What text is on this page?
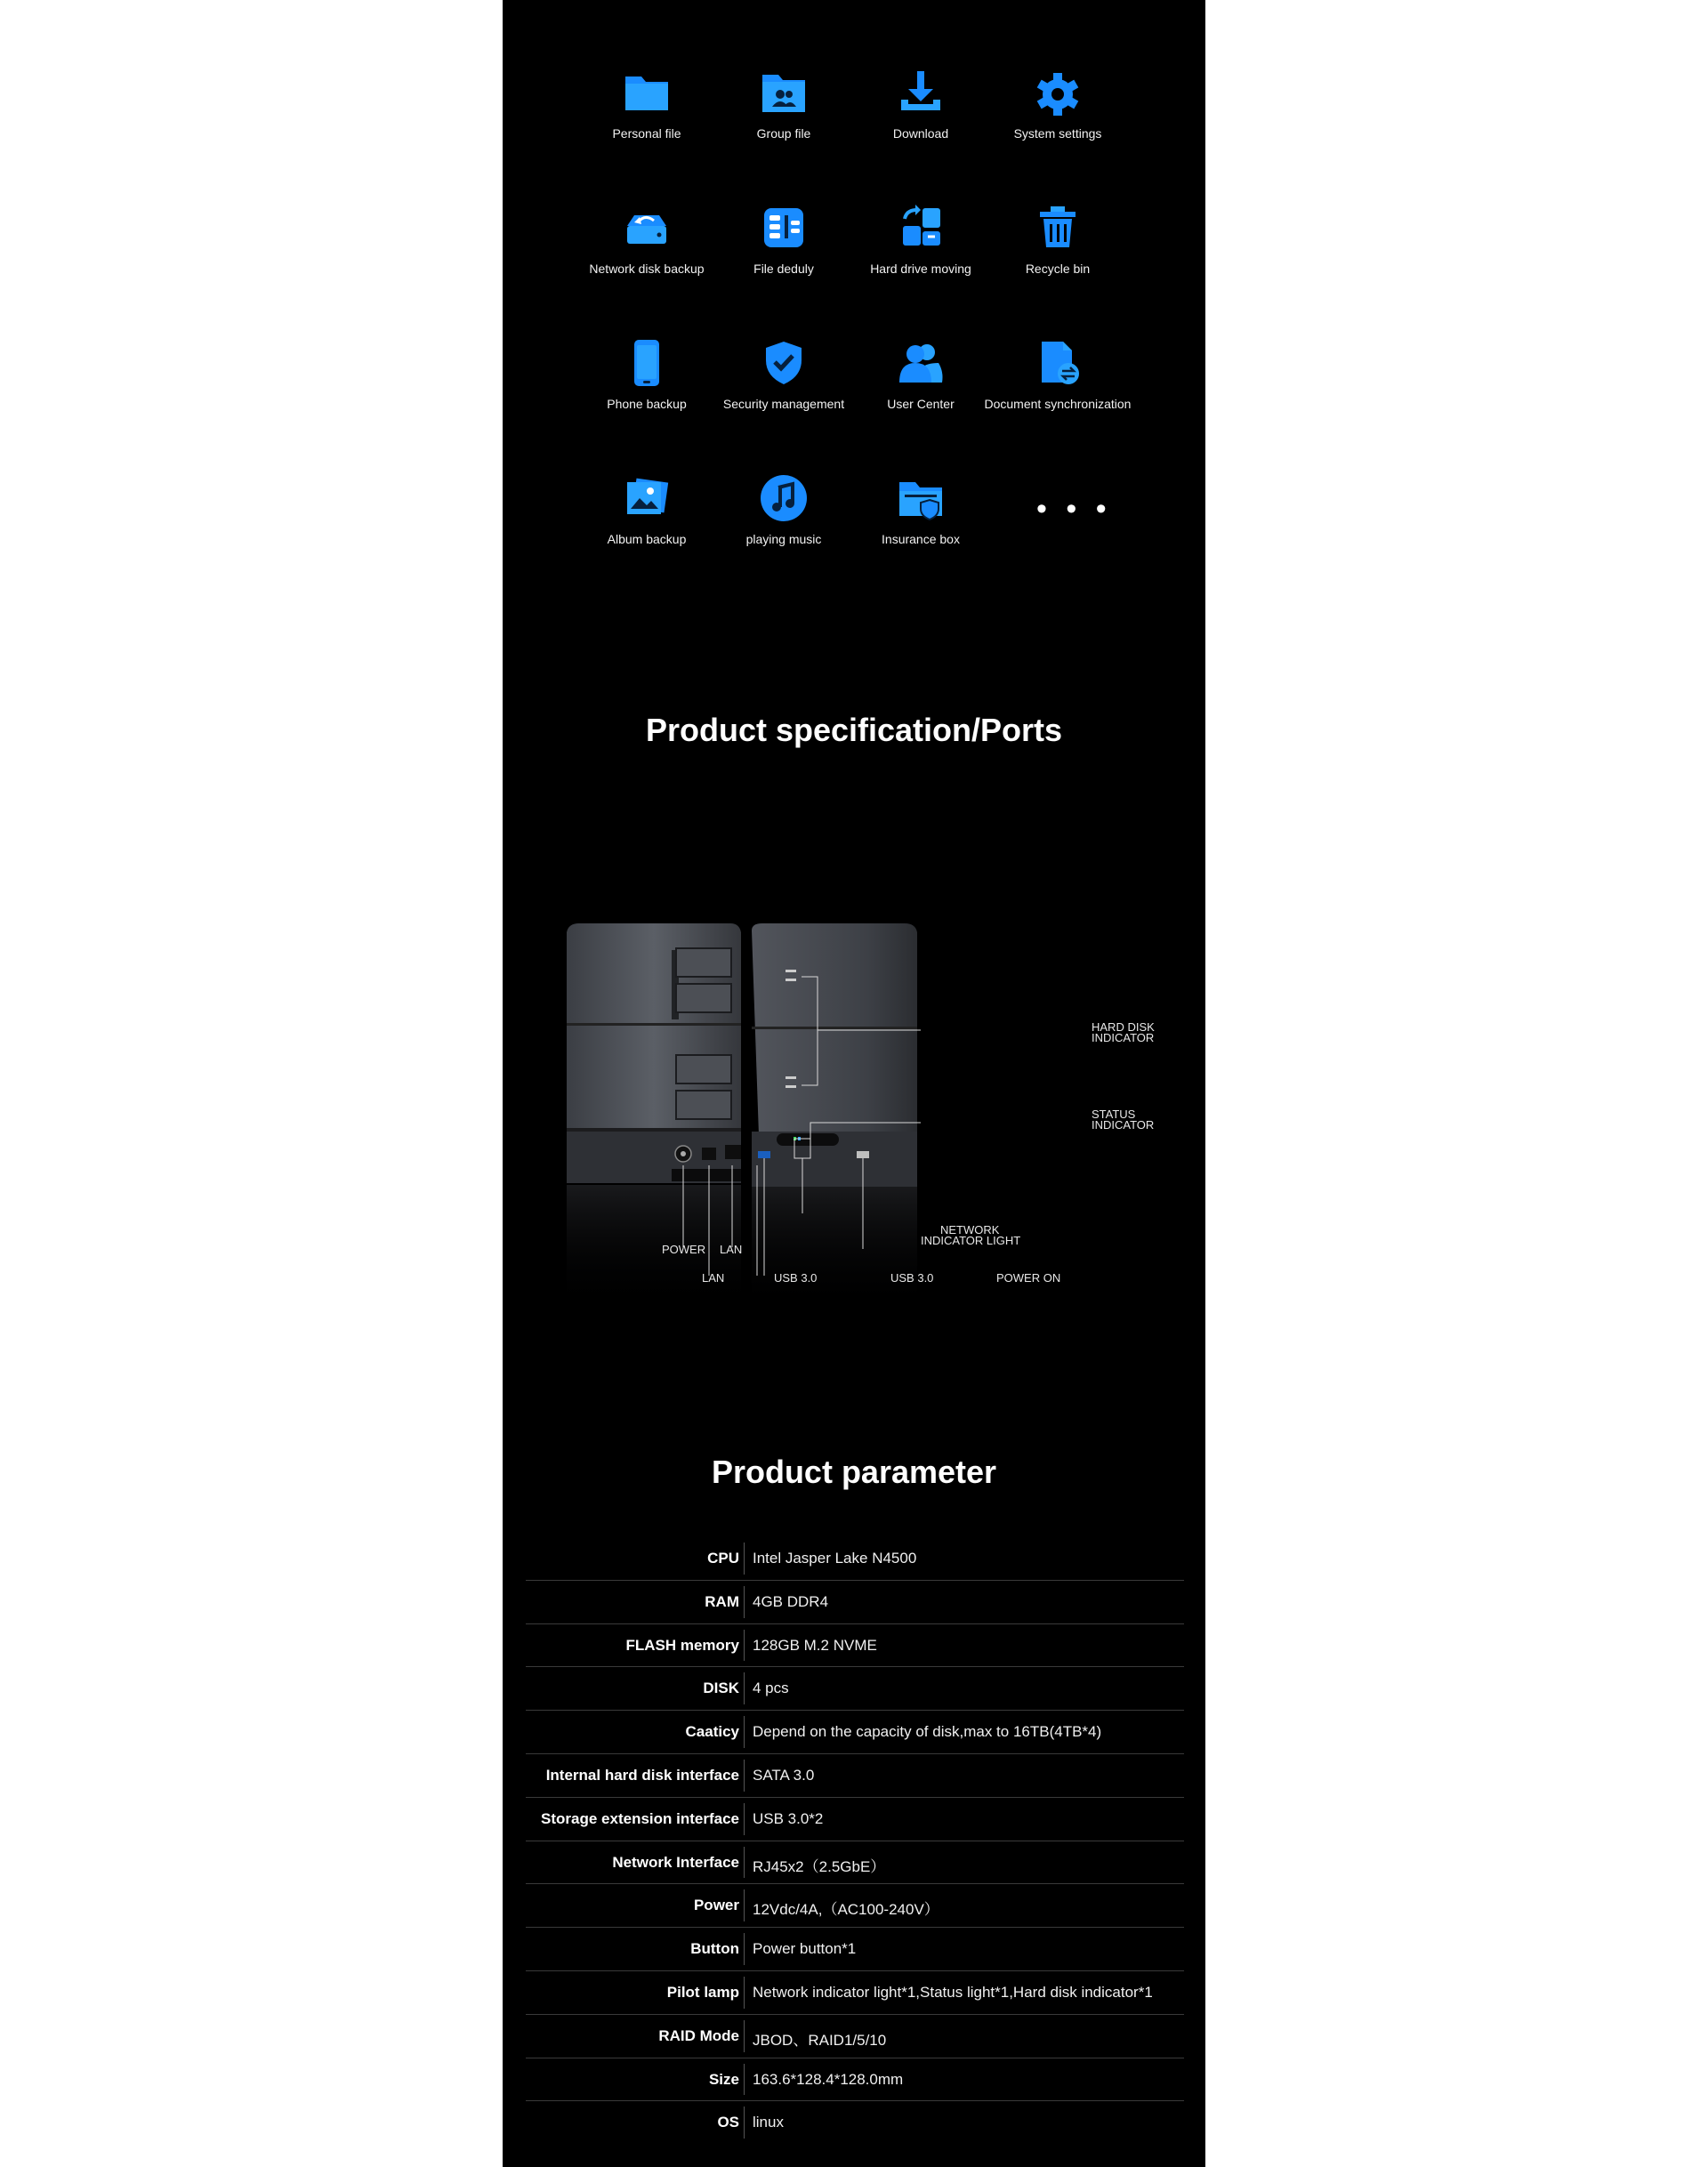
Personal file	Group file	Download	System settings
Network disk backup	File deduly	Hard drive moving	Recycle bin
Phone backup	Security management	User Center	Document synchronization
Album backup	playing music	Insurance box
• • •
Product specification/Ports
POWER LAN
LAN	USB 3.0
HARD DISK
INDICATOR
STATUS
INDICATOR
NETWORK
INDICATOR LIGHT
USB 3.0	POWER ON
Product parameter
CPU Intel Jasper Lake N4500
RAM 4GB DDR4
FLASH memory 128GB M.2 NVME
DISK 4 pcs
Caaticy Depend on the capacity of disk,max to 16TB(4TB*4)
Internal hard disk interface SATA 3.0
Storage extension interface USB 3.0*2
Network Interface RJ45x2（2.5GbE）
Power 12Vdc/4A,（AC100-240V）
Button Power button*1
Pilot lamp Network indicator light*1,Status light*1,Hard disk indicator*1
RAID Mode JBOD、RAID1/5/10
Size 163.6*128.4*128.0mm
OS linux
